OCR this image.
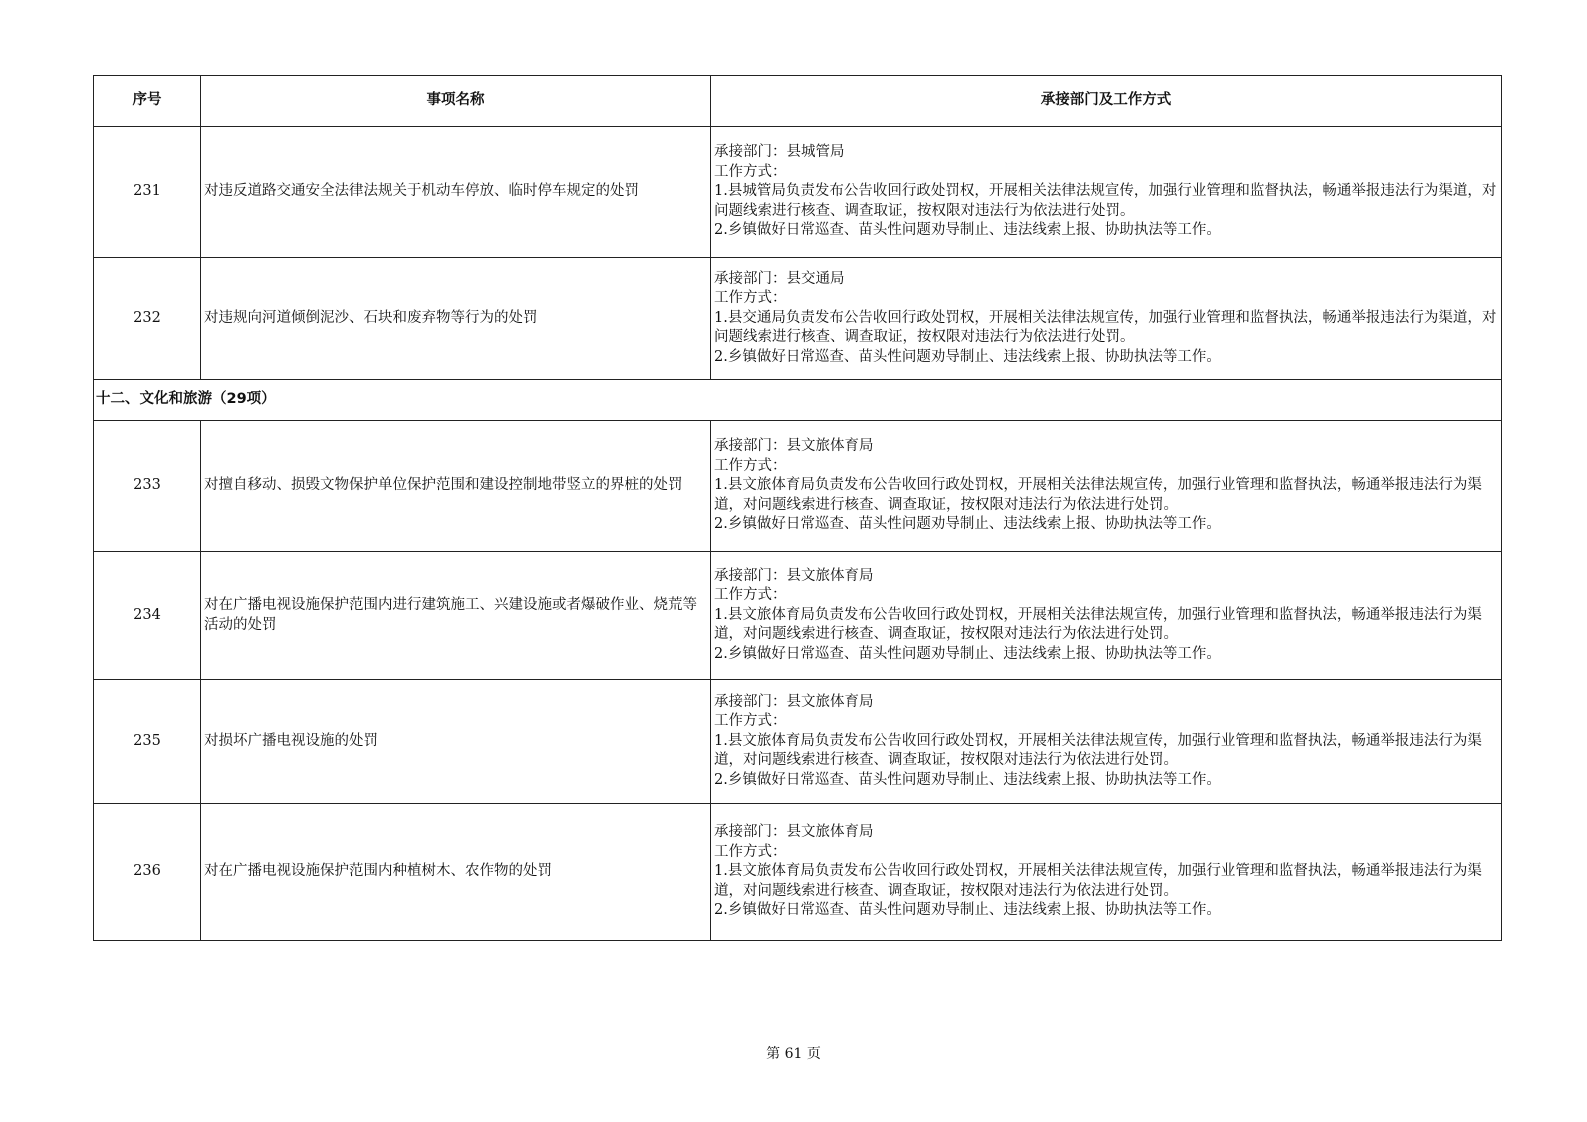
序号	事项名称	承接部门及工作方式
231	对违反道路交通安全法律法规关于机动车停放、临时停车规定的处罚	承接部门：县城管局
工作方式：
1.县城管局负责发布公告收回行政处罚权，开展相关法律法规宣传，加强行业管理和监督执法，畅通举报违法行为渠道，对问题线索进行核查、调查取证，按权限对违法行为依法进行处罚。
2.乡镇做好日常巡查、苗头性问题劝导制止、违法线索上报、协助执法等工作。

232	对违规向河道倾倒泥沙、石块和废弃物等行为的处罚	承接部门：县交通局
工作方式：
1.县交通局负责发布公告收回行政处罚权，开展相关法律法规宣传，加强行业管理和监督执法，畅通举报违法行为渠道，对问题线索进行核查、调查取证，按权限对违法行为依法进行处罚。
2.乡镇做好日常巡查、苗头性问题劝导制止、违法线索上报、协助执法等工作。

十二、文化和旅游（29项）		
233	对擅自移动、损毁文物保护单位保护范围和建设控制地带竖立的界桩的处罚	承接部门：县文旅体育局
工作方式：
1.县文旅体育局负责发布公告收回行政处罚权，开展相关法律法规宣传，加强行业管理和监督执法，畅通举报违法行为渠道，对问题线索进行核查、调查取证，按权限对违法行为依法进行处罚。
2.乡镇做好日常巡查、苗头性问题劝导制止、违法线索上报、协助执法等工作。

234	对在广播电视设施保护范围内进行建筑施工、兴建设施或者爆破作业、烧荒等活动的处罚	承接部门：县文旅体育局
工作方式：
1.县文旅体育局负责发布公告收回行政处罚权，开展相关法律法规宣传，加强行业管理和监督执法，畅通举报违法行为渠道，对问题线索进行核查、调查取证，按权限对违法行为依法进行处罚。
2.乡镇做好日常巡查、苗头性问题劝导制止、违法线索上报、协助执法等工作。

235	对损坏广播电视设施的处罚	承接部门：县文旅体育局
工作方式：
1.县文旅体育局负责发布公告收回行政处罚权，开展相关法律法规宣传，加强行业管理和监督执法，畅通举报违法行为渠道，对问题线索进行核查、调查取证，按权限对违法行为依法进行处罚。
2.乡镇做好日常巡查、苗头性问题劝导制止、违法线索上报、协助执法等工作。

236	对在广播电视设施保护范围内种植树木、农作物的处罚	承接部门：县文旅体育局
工作方式：
1.县文旅体育局负责发布公告收回行政处罚权，开展相关法律法规宣传，加强行业管理和监督执法，畅通举报违法行为渠道，对问题线索进行核查、调查取证，按权限对违法行为依法进行处罚。
2.乡镇做好日常巡查、苗头性问题劝导制止、违法线索上报、协助执法等工作。
第 61 页
